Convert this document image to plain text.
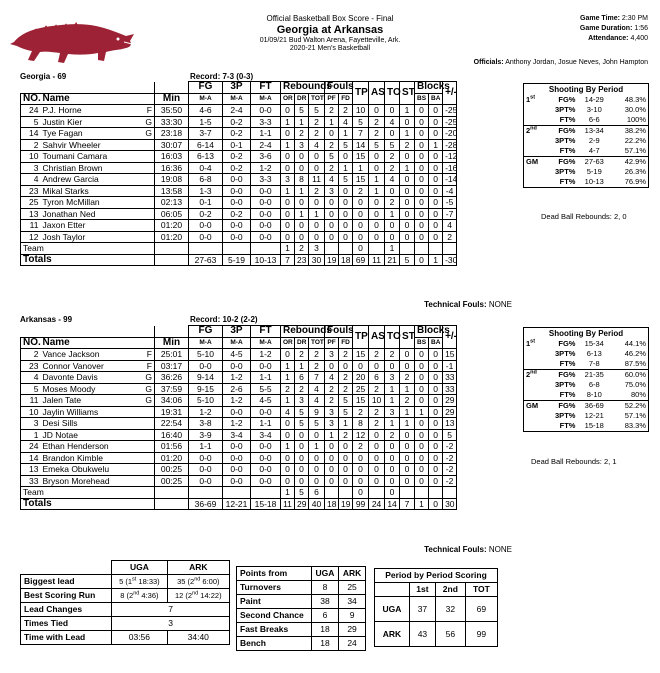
Official Basketball Box Score - Final
Georgia at Arkansas
01/09/21 Bud Walton Arena, Fayetteville, Ark.
2020-21 Men's Basketball
Game Time: 2:30 PM
Game Duration: 1:56
Attendance: 4,400
Officials: Anthony Jordan, Josue Neves, John Hampton
Georgia - 69	Record: 7-3 (0-3)
			FG	3P	FT	Rebounds			Fouls		TP	AS	TO	ST	Blocks		+/-
NO.	Name	Min	M-A	M-A	M-A	OR	DR	TOT	PF	FD					BS	BA	
24	P.J. Horne F	35:50	4-6	2-4	0-0	0	5	5	2	2	10	0	0	1	0	0	-25
5	Justin Kier G	33:30	1-5	0-2	3-3	1	1	2	1	4	5	2	4	0	0	0	-25
14	Tye Fagan G	23:18	3-7	0-2	1-1	0	2	2	0	1	7	2	0	1	0	0	-20
2	Sahvir Wheeler	30:07	6-14	0-1	2-4	1	3	4	2	5	14	5	5	2	0	1	-28
10	Toumani Camara	16:03	6-13	0-2	3-6	0	0	0	5	0	15	0	2	0	0	0	-12
3	Christian Brown	16:36	0-4	0-2	1-2	0	0	0	2	1	1	0	2	1	0	0	-16
4	Andrew Garcia	19:08	6-8	0-0	3-3	3	8	11	4	5	15	1	4	0	0	0	-14
23	Mikal Starks	13:58	1-3	0-0	0-0	1	1	2	3	0	2	1	0	0	0	0	-4
25	Tyron McMillan	02:13	0-1	0-0	0-0	0	0	0	0	0	0	0	2	0	0	0	-5
13	Jonathan Ned	06:05	0-2	0-2	0-0	0	1	1	0	0	0	0	1	0	0	0	-7
11	Jaxon Etter	01:20	0-0	0-0	0-0	0	0	0	0	0	0	0	0	0	0	0	4
12	Josh Taylor	01:20	0-0	0-0	0-0	0	0	0	0	0	0	0	0	0	0	0	2
Team						1	2	3			0		1				
Totals			27-63	5-19	10-13	7	23	30	19	18	69	11	21	5	0	1	-30
Technical Fouls: NONE
Shooting By Period			
1st	FG%	14-29	48.3%
	3PT%	3-10	30.0%
	FT%	6-6	100%
2nd	FG%	13-34	38.2%
	3PT%	2-9	22.2%
	FT%	4-7	57.1%
GM	FG%	27-63	42.9%
	3PT%	5-19	26.3%
	FT%	10-13	76.9%
Dead Ball Rebounds: 2, 0
Arkansas - 99	Record: 10-2 (2-2)
			FG	3P	FT	Rebounds			Fouls		TP	AS	TO	ST	Blocks		+/-
NO.	Name	Min	M-A	M-A	M-A	OR	DR	TOT	PF	FD					BS	BA	
2	Vance Jackson F	25:01	5-10	4-5	1-2	0	2	2	3	2	15	2	2	0	0	0	15
23	Connor Vanover F	03:17	0-0	0-0	0-0	1	1	2	0	0	0	0	0	0	0	0	-1
4	Davonte Davis G	36:26	9-14	1-2	1-1	1	6	7	4	2	20	6	3	2	0	0	33
5	Moses Moody G	37:59	9-15	2-6	5-5	2	2	4	2	2	25	2	1	1	0	0	33
11	Jalen Tate G	34:06	5-10	1-2	4-5	1	3	4	2	5	15	10	1	2	0	0	29
10	Jaylin Williams	19:31	1-2	0-0	0-0	4	5	9	3	5	2	2	3	1	1	0	29
3	Desi Sills	22:54	3-8	1-2	1-1	0	5	5	3	1	8	2	1	1	0	0	13
1	JD Notae	16:40	3-9	3-4	3-4	0	0	0	1	2	12	0	2	0	0	0	5
24	Ethan Henderson	01:56	1-1	0-0	0-0	1	0	1	0	0	2	0	0	0	0	0	-2
14	Brandon Kimble	01:20	0-0	0-0	0-0	0	0	0	0	0	0	0	0	0	0	0	-2
13	Emeka Obukwelu	00:25	0-0	0-0	0-0	0	0	0	0	0	0	0	0	0	0	0	-2
33	Bryson Morehead	00:25	0-0	0-0	0-0	0	0	0	0	0	0	0	0	0	0	0	-2
Team						1	5	6			0		0				
Totals			36-69	12-21	15-18	11	29	40	18	19	99	24	14	7	1	0	30
Technical Fouls: NONE
Shooting By Period			
1st	FG%	15-34	44.1%
	3PT%	6-13	46.2%
	FT%	7-8	87.5%
2nd	FG%	21-35	60.0%
	3PT%	6-8	75.0%
	FT%	8-10	80%
GM	FG%	36-69	52.2%
	3PT%	12-21	57.1%
	FT%	15-18	83.3%
Dead Ball Rebounds: 2, 1
	UGA	ARK
Biggest lead	5 (1st 18:33)	35 (2nd 6:00)
Best Scoring Run	8 (2nd 4:36)	12 (2nd 14:22)
Lead Changes	7	
Times Tied	3	
Time with Lead	03:56	34:40
Points from	UGA	ARK
Turnovers	8	25
Paint	38	34
Second Chance	6	9
Fast Breaks	18	29
Bench	18	24
Period by Period Scoring			
	1st	2nd	TOT
UGA	37	32	69
ARK	43	56	99
